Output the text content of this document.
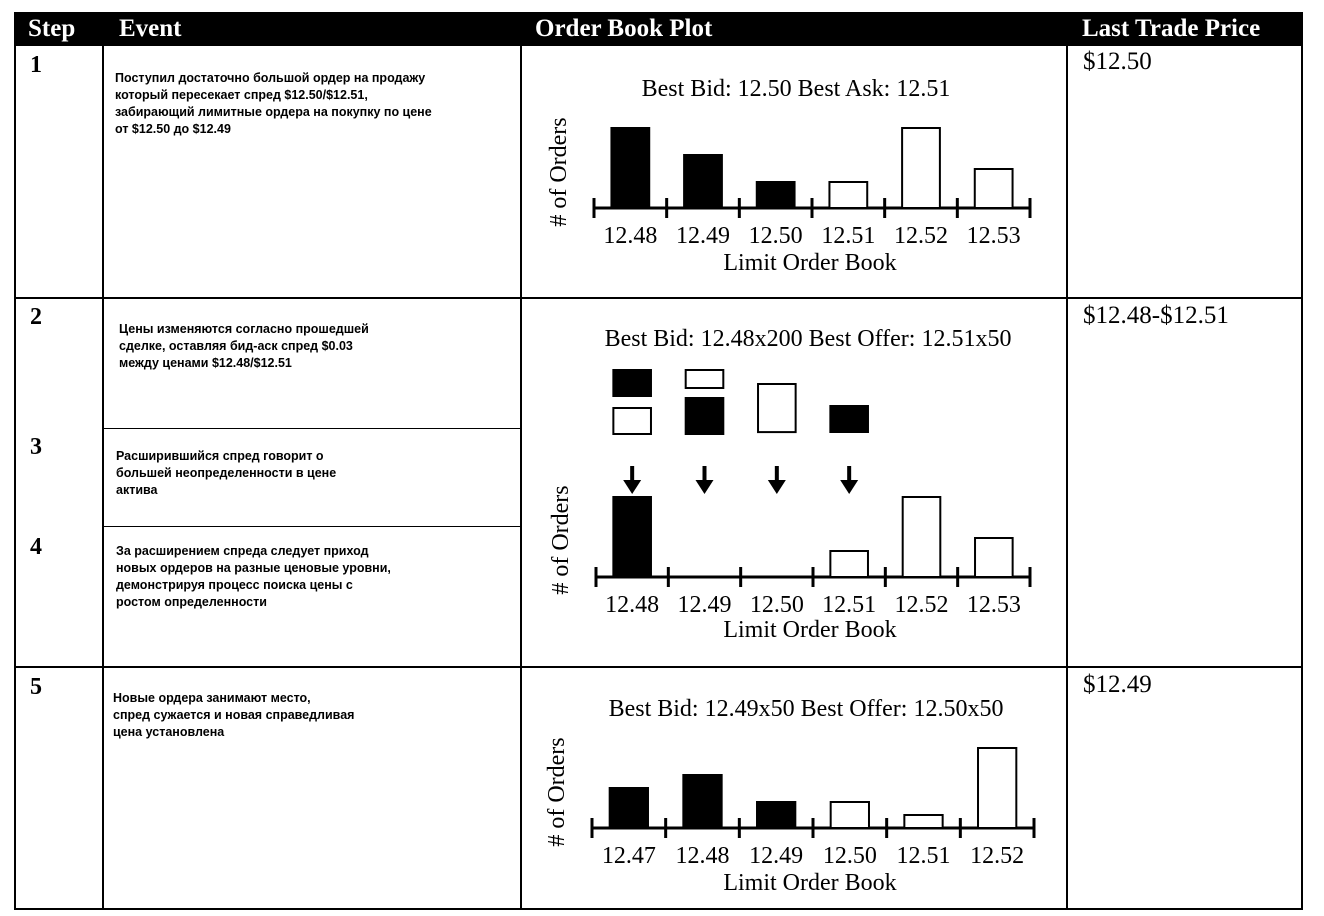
Step Event	Order Book Plot	Last Trade Price
1
2
3
4
5
Поступил достаточно большой ордер на продажу
который пересекает спред $12.50/$12.51,
забирающий лимитные ордера на покупку по цене
от $12.50 до $12.49
Цены изменяются согласно прошедшей
сделке, оставляя бид-аск спред $0.03
между ценами $12.48/$12.51
Расширившийся спред говорит о
большей неопределенности в цене
актива
За расширением спреда следует приход
новых ордеров на разные ценовые уровни,
демонстрируя процесс поиска цены с
ростом определенности
Новые ордера занимают место,
спред сужается и новая справедливая
цена установлена
$12.50
$12.48-$12.51
$12.49
Best Bid: 12.50 Best Ask: 12.51
# of Orders
Limit Order Book
12.48 12.49 12.50 12.51 12.52 12.53
Best Bid: 12.48x200 Best Offer: 12.51x50
# of Orders
Limit Order Book
12.48 12.49 12.50 12.51 12.52 12.53
Best Bid: 12.49x50 Best Offer: 12.50x50
# of Orders
Limit Order Book
12.47 12.48 12.49 12.50 12.51 12.52
